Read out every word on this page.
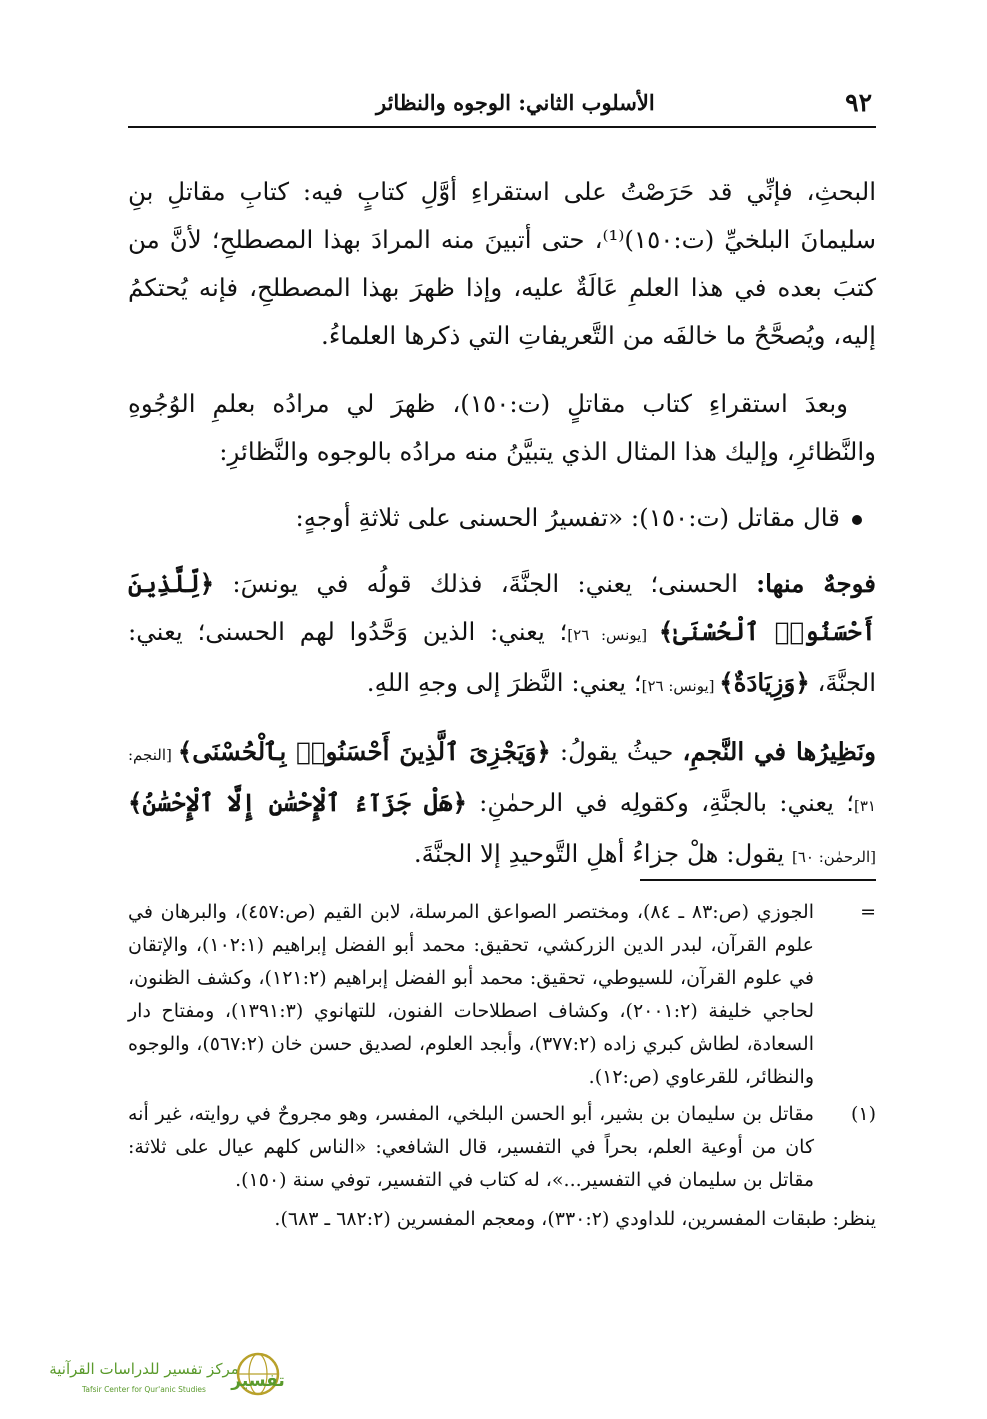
٩٢
الأسلوب الثاني: الوجوه والنظائر

البحثِ، فإنِّي قد حَرَصْتُ على استقراءِ أوَّلِ كتابٍ فيه: كتابِ مقاتلِ بنِ سليمانَ البلخيِّ (ت:١٥٠)⁽¹⁾، حتى أتبينَ منه المرادَ بهذا المصطلحِ؛ لأنَّ من كتبَ بعده في هذا العلمِ عَالَةٌ عليه، وإذا ظهرَ بهذا المصطلحِ، فإنه يُحتكمُ إليه، ويُصحَّحُ ما خالفَه من التَّعريفاتِ التي ذكرها العلماءُ.

وبعدَ استقراءِ كتاب مقاتلٍ (ت:١٥٠)، ظهرَ لي مرادُه بعلمِ الوُجُوهِ والنَّظائرِ، وإليك هذا المثال الذي يتبيَّنُ منه مرادُه بالوجوه والنَّظائرِ:

قال مقاتل (ت:١٥٠): «تفسيرُ الحسنى على ثلاثةِ أوجهٍ:

فوجهٌ منها: الحسنى؛ يعني: الجنَّةَ، فذلك قولُه في يونسَ: ﴿لِّلَّذِينَ أَحْسَنُوا۟ ٱلْحُسْنَىٰ﴾ [يونس: ٢٦]؛ يعني: الذين وَحَّدُوا لهم الحسنى؛ يعني: الجنَّةَ، ﴿وَزِيَادَةٌ﴾ [يونس: ٢٦]؛ يعني: النَّظرَ إلى وجهِ اللهِ.

ونَظِيرُها في النَّجمِ، حيثُ يقولُ: ﴿وَيَجْزِىَ ٱلَّذِينَ أَحْسَنُوا۟ بِٱلْحُسْنَى﴾ [النجم: ٣١]؛ يعني: بالجنَّةِ، وكقولِه في الرحمٰنِ: ﴿هَلْ جَزَآءُ ٱلْإِحْسَٰنِ إِلَّا ٱلْإِحْسَٰنُ﴾ [الرحمٰن: ٦٠] يقول: هلْ جزاءُ أهلِ التَّوحيدِ إلا الجنَّةَ.

=
الجوزي (ص:٨٣ ـ ٨٤)، ومختصر الصواعق المرسلة، لابن القيم (ص:٤٥٧)، والبرهان في علوم القرآن، لبدر الدين الزركشي، تحقيق: محمد أبو الفضل إبراهيم (١٠٢:١)، والإتقان في علوم القرآن، للسيوطي، تحقيق: محمد أبو الفضل إبراهيم (١٢١:٢)، وكشف الظنون، لحاجي خليفة (٢٠٠١:٢)، وكشاف اصطلاحات الفنون، للتهانوي (١٣٩١:٣)، ومفتاح دار السعادة، لطاش كبري زاده (٣٧٧:٢)، وأبجد العلوم، لصديق حسن خان (٥٦٧:٢)، والوجوه والنظائر، للقرعاوي (ص:١٢).

(١)
مقاتل بن سليمان بن بشير، أبو الحسن البلخي، المفسر، وهو مجروحٌ في روايته، غير أنه كان من أوعية العلم، بحراً في التفسير، قال الشافعي: «الناس كلهم عيال على ثلاثة: مقاتل بن سليمان في التفسير...»، له كتاب في التفسير، توفي سنة (١٥٠).

ينظر: طبقات المفسرين، للداودي (٣٣٠:٢)، ومعجم المفسرين (٦٨٢:٢ ـ ٦٨٣).

مركز تفسير للدراسات القرآنية
Tafsir Center for Qur'anic Studies تفسير
